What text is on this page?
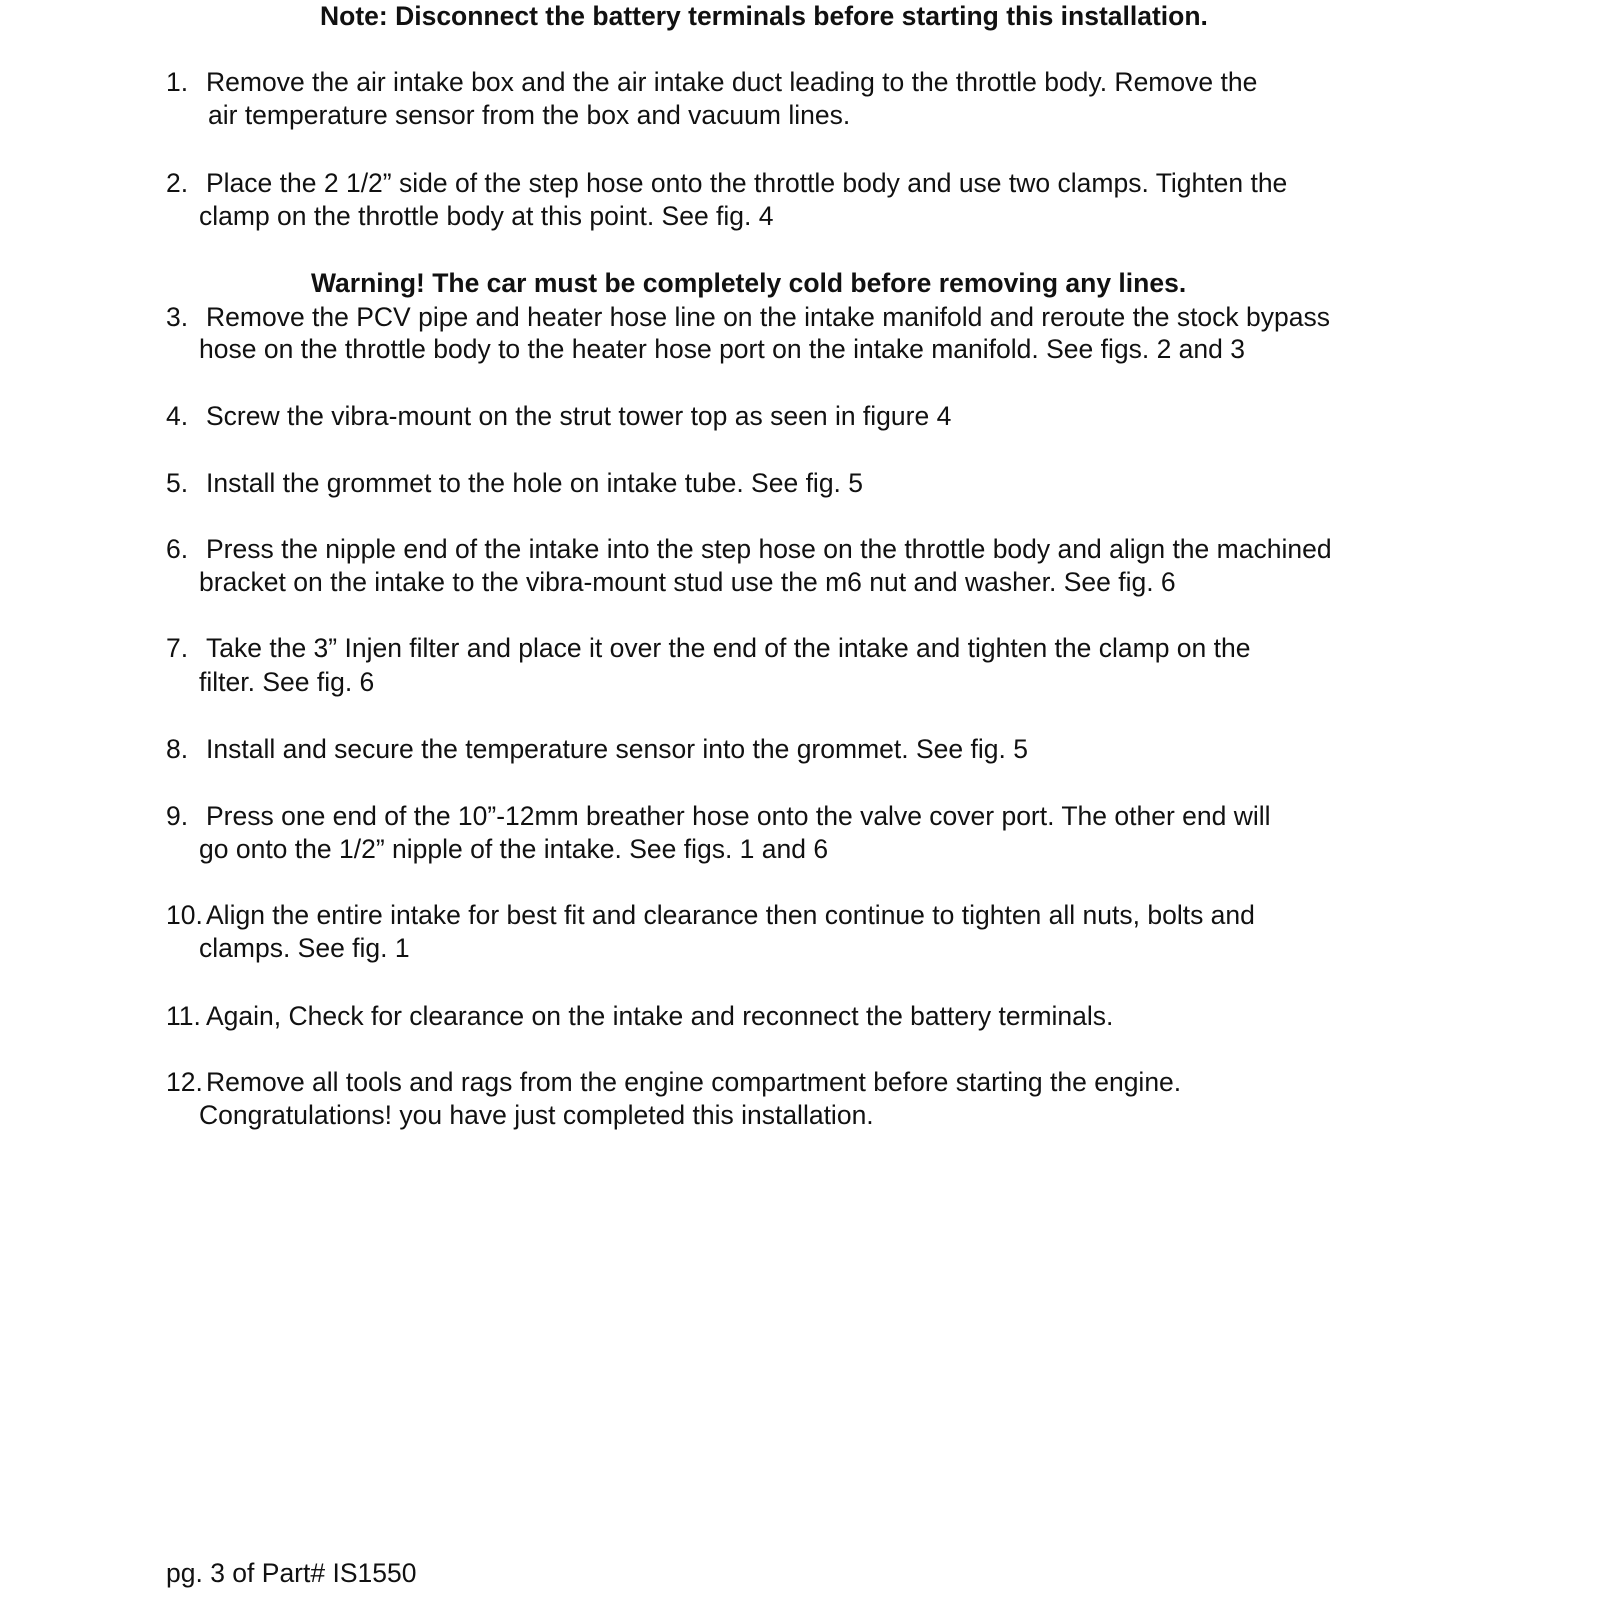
Note: Disconnect the battery terminals before starting this installation.
1. Remove the air intake box and the air intake duct leading to the throttle body. Remove the
air temperature sensor from the box and vacuum lines.
2. Place the 2 1/2” side of the step hose onto the throttle body and use two clamps. Tighten the
clamp on the throttle body at this point. See fig. 4
Warning! The car must be completely cold before removing any lines.
3. Remove the PCV pipe and heater hose line on the intake manifold and reroute the stock bypass
hose on the throttle body to the heater hose port on the intake manifold. See figs. 2 and 3
4. Screw the vibra-mount on the strut tower top as seen in figure 4
5. Install the grommet to the hole on intake tube. See fig. 5
6. Press the nipple end of the intake into the step hose on the throttle body and align the machined
bracket on the intake to the vibra-mount stud use the m6 nut and washer. See fig. 6
7. Take the 3” Injen filter and place it over the end of the intake and tighten the clamp on the
filter. See fig. 6
8. Install and secure the temperature sensor into the grommet. See fig. 5
9. Press one end of the 10”-12mm breather hose onto the valve cover port. The other end will
go onto the 1/2” nipple of the intake. See figs. 1 and 6
10. Align the entire intake for best fit and clearance then continue to tighten all nuts, bolts and
clamps. See fig. 1
11. Again, Check for clearance on the intake and reconnect the battery terminals.
12. Remove all tools and rags from the engine compartment before starting the engine.
Congratulations! you have just completed this installation.
pg. 3 of Part# IS1550
